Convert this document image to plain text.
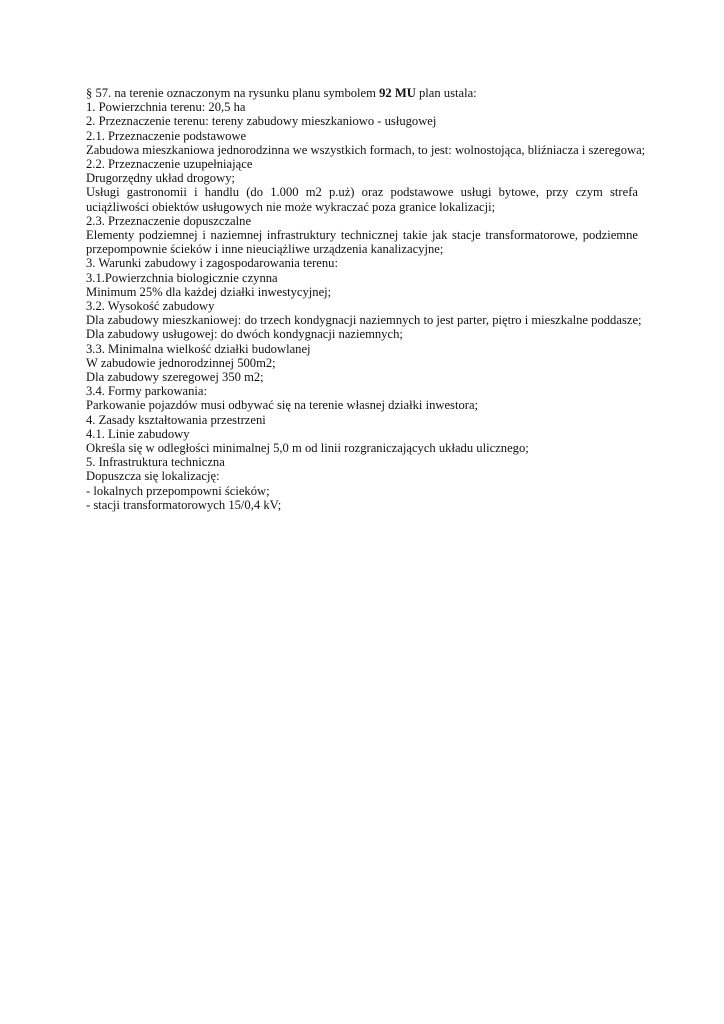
§ 57. na terenie oznaczonym na rysunku planu symbolem 92 MU plan ustala:
1. Powierzchnia terenu: 20,5 ha
2. Przeznaczenie terenu: tereny zabudowy mieszkaniowo - usługowej
2.1. Przeznaczenie podstawowe
Zabudowa mieszkaniowa jednorodzinna we wszystkich formach, to jest: wolnostojąca, bliźniacza i szeregowa;
2.2. Przeznaczenie uzupełniające
Drugorzędny układ drogowy;
Usługi gastronomii i handlu (do 1.000 m2 p.uż) oraz podstawowe usługi bytowe, przy czym strefa uciążliwości obiektów usługowych nie może wykraczać poza granice lokalizacji;
2.3. Przeznaczenie dopuszczalne
Elementy podziemnej i naziemnej infrastruktury technicznej takie jak stacje transformatorowe, podziemne przepompownie ścieków i inne nieuciążliwe urządzenia kanalizacyjne;
3. Warunki zabudowy i zagospodarowania terenu:
3.1.Powierzchnia biologicznie czynna
Minimum 25% dla każdej działki inwestycyjnej;
3.2. Wysokość zabudowy
Dla zabudowy mieszkaniowej: do trzech kondygnacji naziemnych to jest parter, piętro i mieszkalne poddasze;
Dla zabudowy usługowej: do dwóch kondygnacji naziemnych;
3.3. Minimalna wielkość działki budowlanej
W zabudowie jednorodzinnej 500m2;
Dla zabudowy szeregowej 350 m2;
3.4. Formy parkowania:
Parkowanie pojazdów musi odbywać się na terenie własnej działki inwestora;
4. Zasady kształtowania przestrzeni
4.1. Linie zabudowy
Określa się w odległości minimalnej 5,0 m od linii rozgraniczających układu ulicznego;
5. Infrastruktura techniczna
Dopuszcza się lokalizację:
- lokalnych przepompowni ścieków;
- stacji transformatorowych 15/0,4 kV;
